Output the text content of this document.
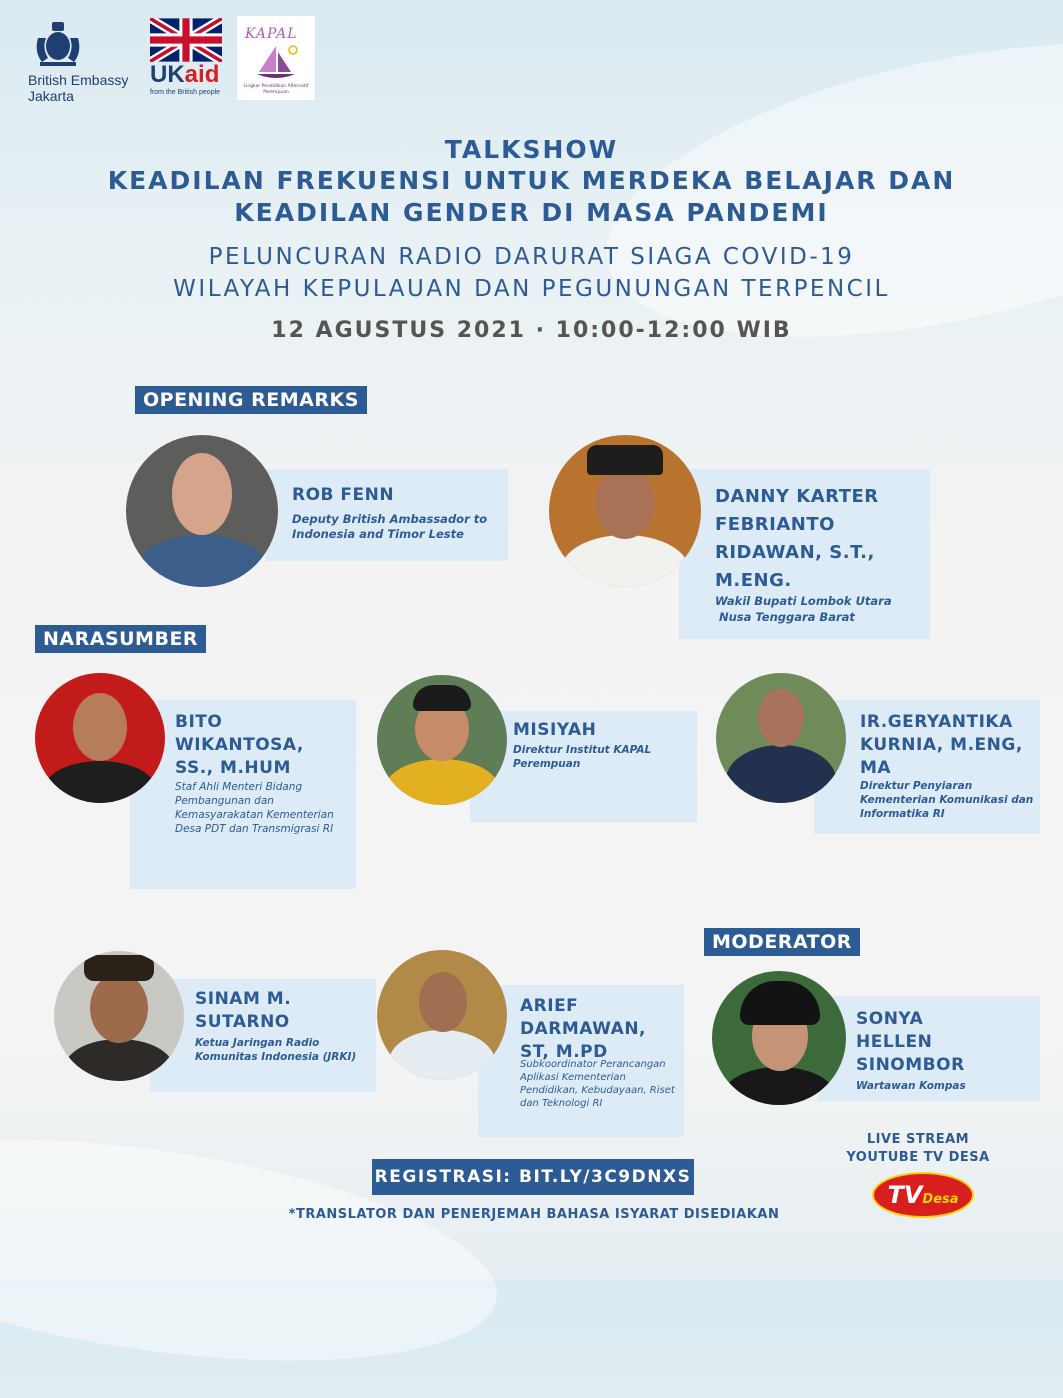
British Embassy
Jakarta
UKaid
from the British people
KAPAL
Lingkar Pendidikan Alternatif Perempuan
TALKSHOW
KEADILAN FREKUENSI UNTUK MERDEKA BELAJAR DAN
KEADILAN GENDER DI MASA PANDEMI
PELUNCURAN RADIO DARURAT SIAGA COVID-19
WILAYAH KEPULAUAN DAN PEGUNUNGAN TERPENCIL
12 AGUSTUS 2021 · 10:00-12:00 WIB
OPENING REMARKS
NARASUMBER
MODERATOR
ROB FENN
Deputy British Ambassador to Indonesia and Timor Leste
DANNY KARTER FEBRIANTO RIDAWAN, S.T., M.ENG.
Wakil Bupati Lombok Utara
Nusa Tenggara Barat
BITO WIKANTOSA, SS., M.HUM
Staf Ahli Menteri Bidang Pembangunan dan Kemasyarakatan Kementerian Desa PDT dan Transmigrasi RI
MISIYAH
Direktur Institut KAPAL Perempuan
IR.GERYANTIKA KURNIA, M.ENG, MA
Direktur Penyiaran Kementerian Komunikasi dan Informatika RI
SINAM M. SUTARNO
Ketua Jaringan Radio Komunitas Indonesia (JRKI)
ARIEF DARMAWAN, ST, M.PD
Subkoordinator Perancangan Aplikasi Kementerian Pendidikan, Kebudayaan, Riset dan Teknologi RI
SONYA HELLEN SINOMBOR
Wartawan Kompas
REGISTRASI: BIT.LY/3C9DNXS
*TRANSLATOR DAN PENERJEMAH BAHASA ISYARAT DISEDIAKAN
LIVE STREAM
YOUTUBE TV DESA
TVDesa
